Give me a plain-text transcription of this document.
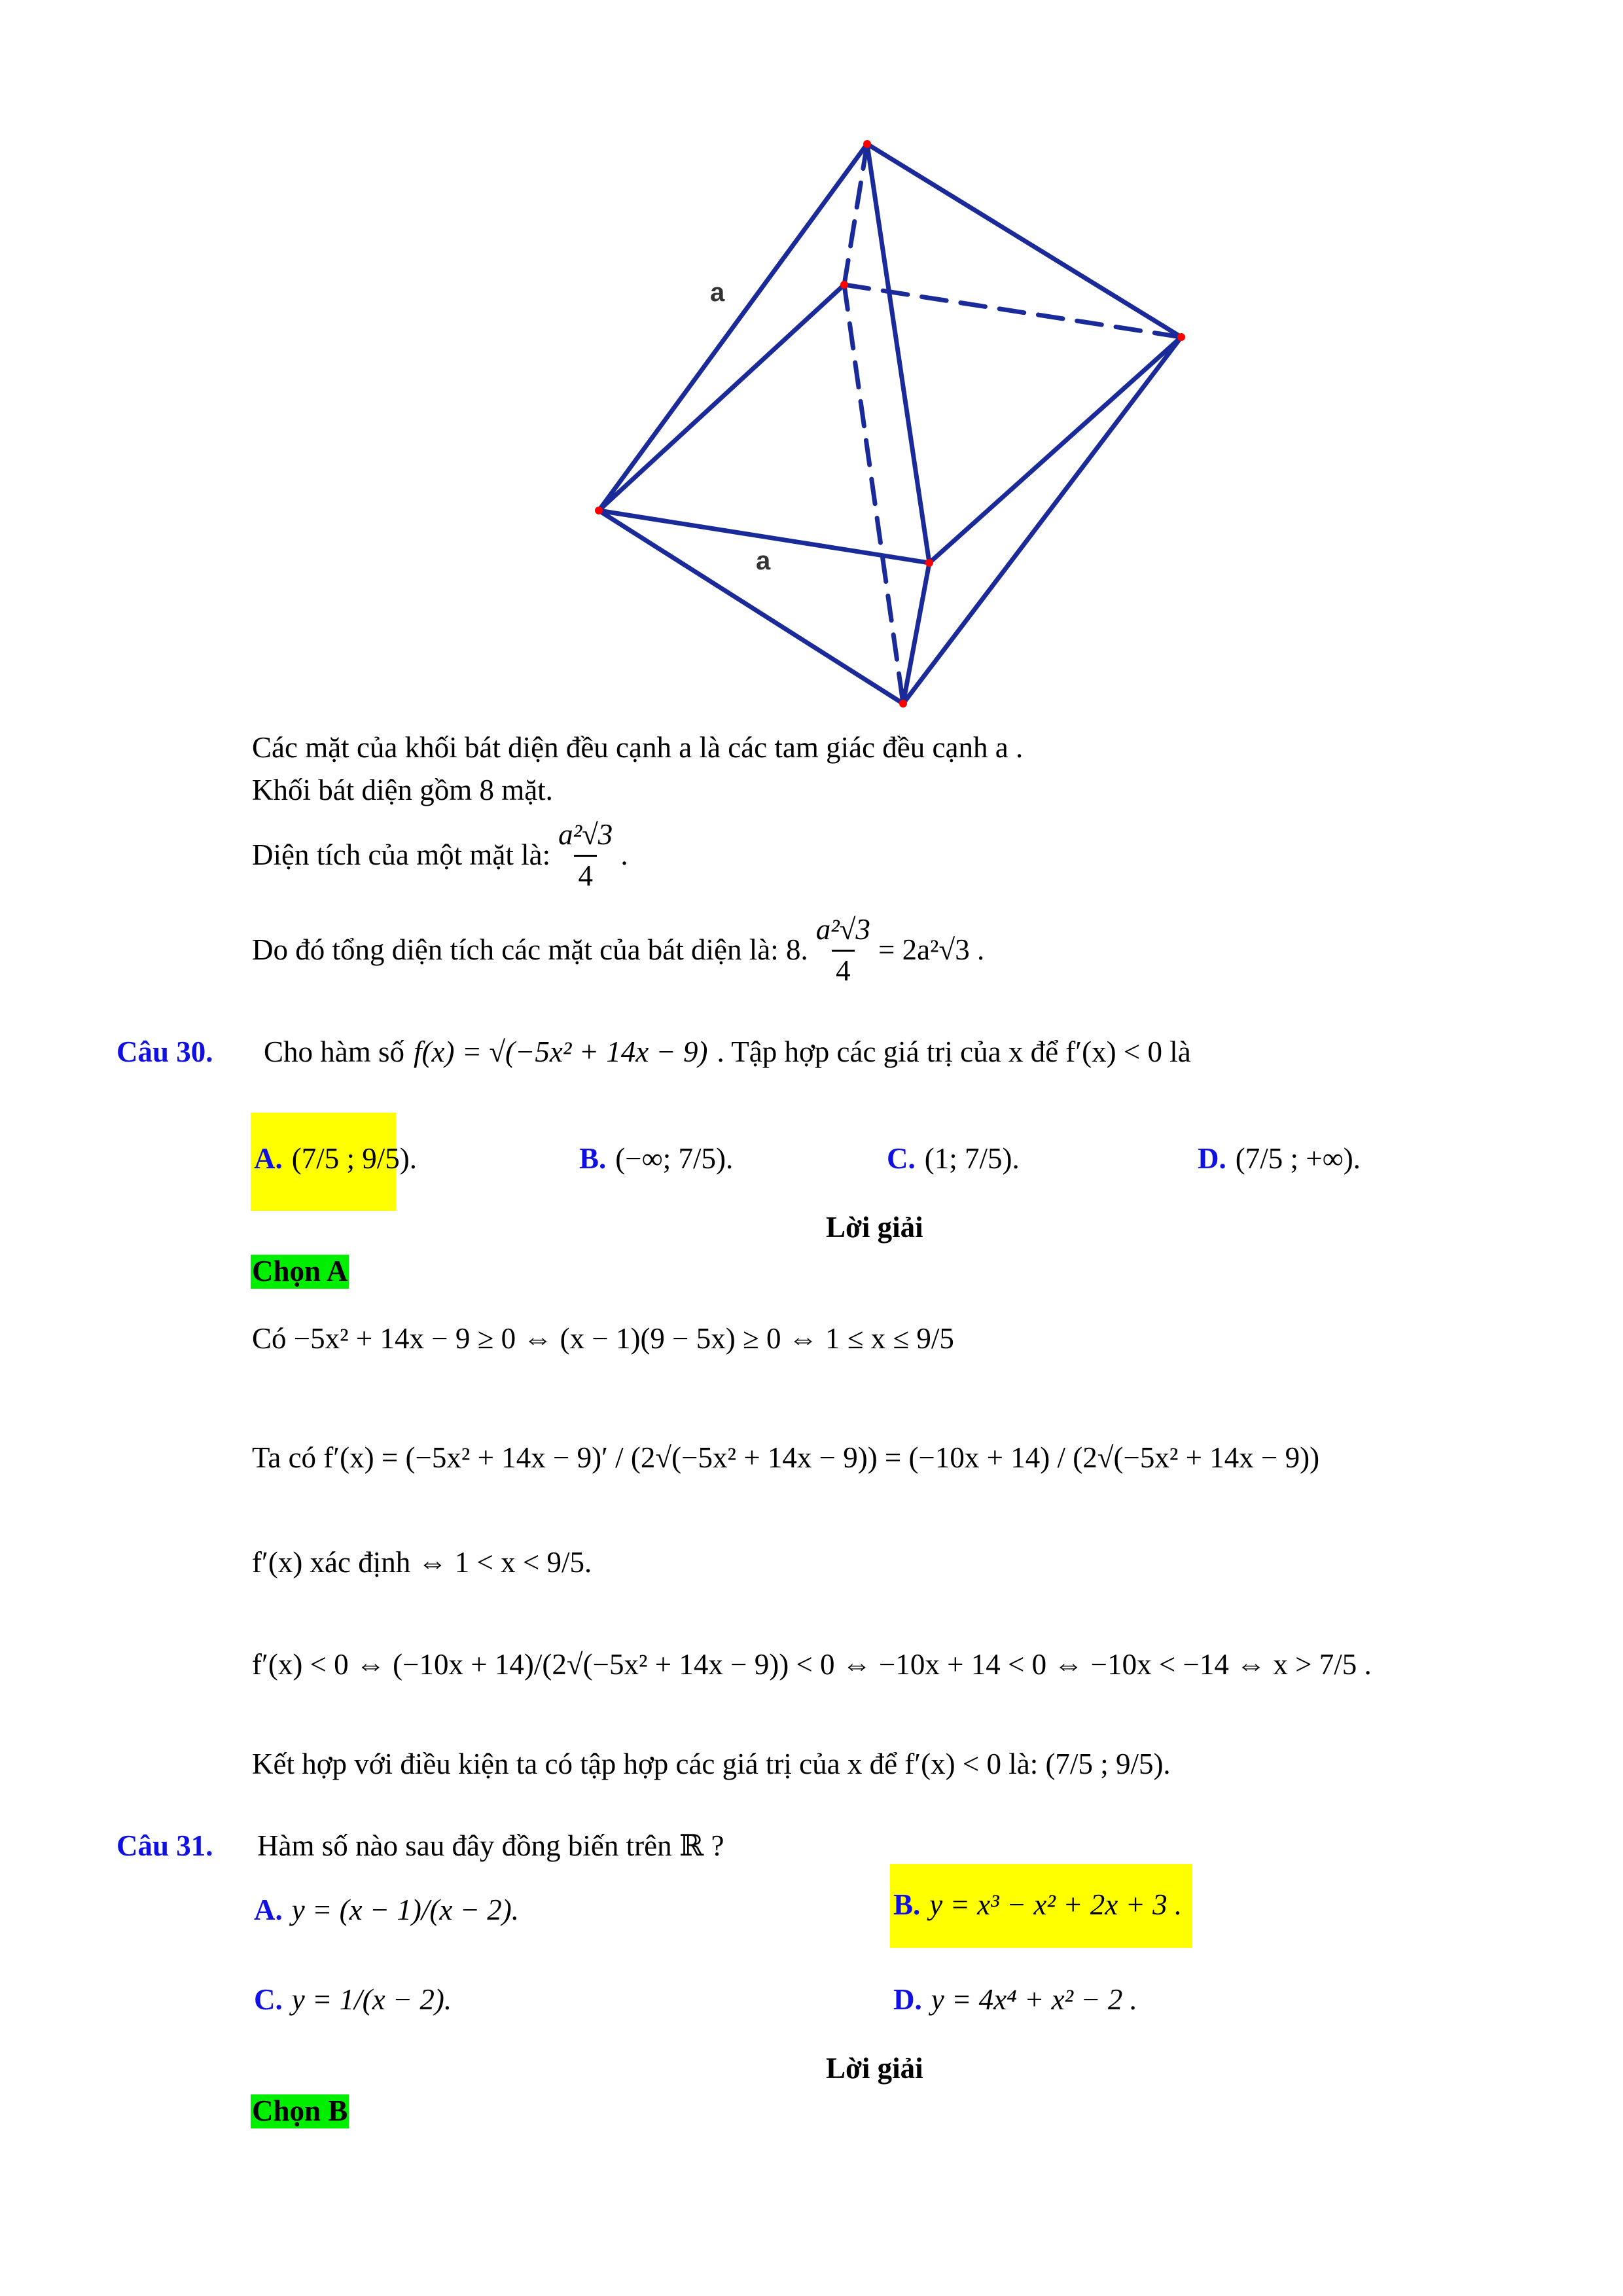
a
a
Các mặt của khối bát diện đều cạnh a là các tam giác đều cạnh a .
Khối bát diện gồm 8 mặt.
Diện tích của một mặt là: $\frac{\text{a²√3}}{4}$ .
Do đó tổng diện tích các mặt của bát diện là: 8. $\frac{\text{a²√3}}{4} = 2a^2√3$ .
Câu 30.	Cho hàm số f(x) = √(−5x² + 14x − 9) . Tập hợp các giá trị của x để f′(x) < 0 là
A. (7/5 ; 9/5).	B. (−∞; 7/5).	C. (1; 7/5).	D. (7/5 ; +∞).
Lời giải
Chọn A
Có −5x² + 14x − 9 ≥ 0 ⇔ (x − 1)(9 − 5x) ≥ 0 ⇔ 1 ≤ x ≤ 9/5
Ta có f′(x) = (−5x² + 14x − 9)′ / (2√(−5x² + 14x − 9)) = (−10x + 14) / (2√(−5x² + 14x − 9))
f′(x) xác định ⇔ 1 < x < 9/5.
f′(x) < 0 ⇔ (−10x + 14)/(2√(−5x² + 14x − 9)) < 0 ⇔ −10x + 14 < 0 ⇔ −10x < −14 ⇔ x > 7/5 .
Kết hợp với điều kiện ta có tập hợp các giá trị của x để f′(x) < 0 là: (7/5 ; 9/5).
Câu 31.	Hàm số nào sau đây đồng biến trên ℝ ?
A. y = (x − 1)/(x − 2).	B. y = x³ − x² + 2x + 3 .
C. y = 1/(x − 2).	D. y = 4x⁴ + x² − 2 .
Lời giải
Chọn B
